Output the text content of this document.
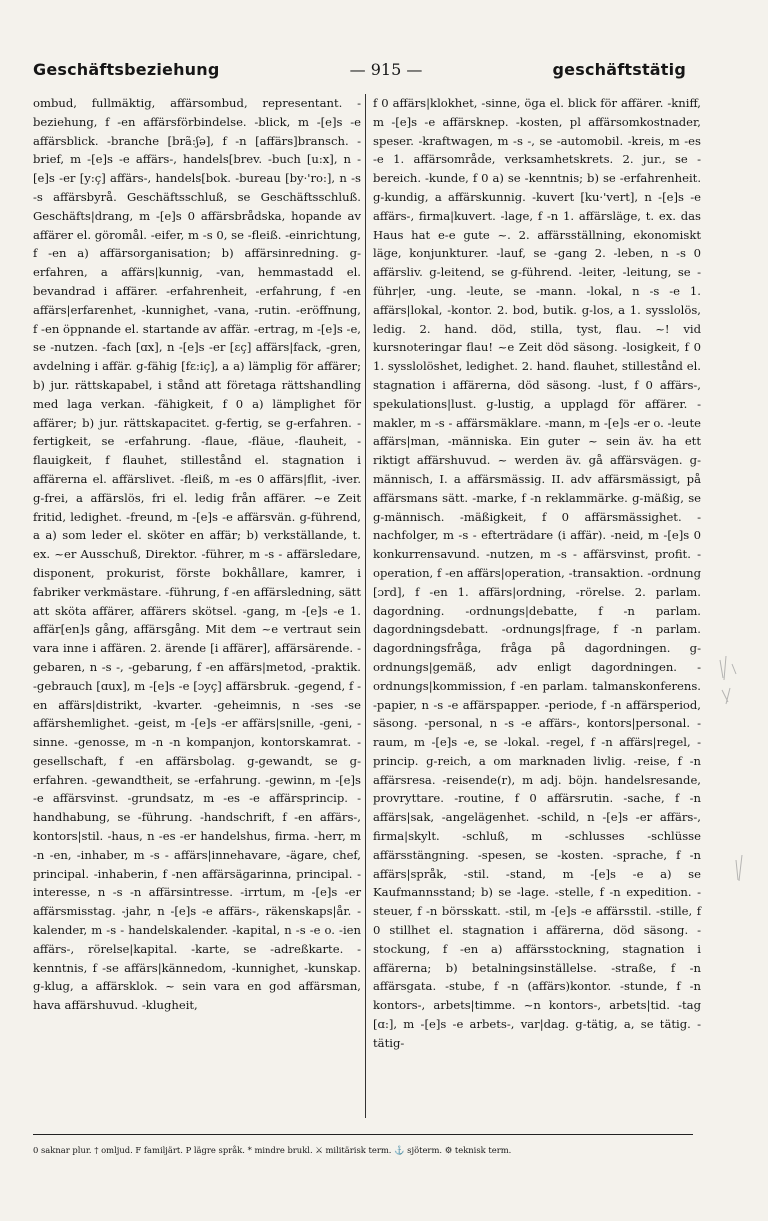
Geschäftsbeziehung	— 915 —	geschäftstätig

ombud, fullmäktig, affärsombud, representant. -beziehung, f -en affärsförbindelse. -blick, m -[e]s -e affärsblick. -branche [brã:ʃə], f -n [affärs]bransch. -brief, m -[e]s -e affärs-, handels[brev. -buch [u:x], n -[e]s -er [y:ç] affärs-, handels[bok. -bureau [by·'ro:], n -s -s affärsbyrå. Geschäftsschluß, se Geschäftsschluß. Geschäfts|drang, m -[e]s 0 affärsbrådska, hopande av affärer el. göromål. -eifer, m -s 0, se -fleiß. -einrichtung, f -en a) affärsorganisation; b) affärsinredning. g-erfahren, a affärs|kunnig, -van, hemmastadd el. bevandrad i affärer. -erfahrenheit, -erfahrung, f -en affärs|erfarenhet, -kunnighet, -vana, -rutin. -eröffnung, f -en öppnande el. startande av affär. -ertrag, m -[e]s -e, se -nutzen. -fach [ɑx], n -[e]s -er [ɛç] affärs|fack, -gren, avdelning i affär. g-fähig [fɛ:iç], a a) lämplig för affärer; b) jur. rättskapabel, i stånd att företaga rättshandling med laga verkan. -fähigkeit, f 0 a) lämplighet för affärer; b) jur. rättskapacitet. g-fertig, se g-erfahren. -fertigkeit, se -erfahrung. -flaue, -fläue, -flauheit, -flauigkeit, f flauhet, stillestånd el. stagnation i affärerna el. affärslivet. -fleiß, m -es 0 affärs|flit, -iver. g-frei, a affärslös, fri el. ledig från affärer. ~e Zeit fritid, ledighet. -freund, m -[e]s -e affärsvän. g-führend, a a) som leder el. sköter en affär; b) verkställande, t. ex. ~er Ausschuß, Direktor. -führer, m -s - affärsledare, disponent, prokurist, förste bokhållare, kamrer, i fabriker verkmästare. -führung, f -en affärsledning, sätt att sköta affärer, affärers skötsel. -gang, m -[e]s -e 1. affär[en]s gång, affärsgång. Mit dem ~e vertraut sein vara inne i affären. 2. ärende [i affärer], affärsärende. -gebaren, n -s -, -gebarung, f -en affärs|metod, -praktik. -gebrauch [ɑux], m -[e]s -e [ɔyç] affärsbruk. -gegend, f -en affärs|distrikt, -kvarter. -geheimnis, n -ses -se affärshemlighet. -geist, m -[e]s -er affärs|snille, -geni, -sinne. -genosse, m -n -n kompanjon, kontorskamrat. -gesellschaft, f -en affärsbolag. g-gewandt, se g-erfahren. -gewandtheit, se -erfahrung. -gewinn, m -[e]s -e affärsvinst. -grundsatz, m -es -e affärsprincip. -handhabung, se -führung. -handschrift, f -en affärs-, kontors|stil. -haus, n -es -er handelshus, firma. -herr, m -n -en, -inhaber, m -s - affärs|innehavare, -ägare, chef, principal. -inhaberin, f -nen affärsägarinna, principal. -interesse, n -s -n affärsintresse. -irrtum, m -[e]s -er affärsmisstag. -jahr, n -[e]s -e affärs-, räkenskaps|år. -kalender, m -s - handelskalender. -kapital, n -s -e o. -ien affärs-, rörelse|kapital. -karte, se -adreßkarte. -kenntnis, f -se affärs|kännedom, -kunnighet, -kunskap. g-klug, a affärsklok. ~ sein vara en god affärsman, hava affärshuvud. -klugheit,

f 0 affärs|klokhet, -sinne, öga el. blick för affärer. -kniff, m -[e]s -e affärsknep. -kosten, pl affärsomkostnader, speser. -kraftwagen, m -s -, se -automobil. -kreis, m -es -e 1. affärsområde, verksamhetskrets. 2. jur., se -bereich. -kunde, f 0 a) se -kenntnis; b) se -erfahrenheit. g-kundig, a affärskunnig. -kuvert [ku·'vert], n -[e]s -e affärs-, firma|kuvert. -lage, f -n 1. affärsläge, t. ex. das Haus hat e-e gute ~. 2. affärsställning, ekonomiskt läge, konjunkturer. -lauf, se -gang 2. -leben, n -s 0 affärsliv. g-leitend, se g-führend. -leiter, -leitung, se -führ|er, -ung. -leute, se -mann. -lokal, n -s -e 1. affärs|lokal, -kontor. 2. bod, butik. g-los, a 1. sysslolös, ledig. 2. hand. död, stilla, tyst, flau. ~! vid kursnoteringar flau! ~e Zeit död säsong. -losigkeit, f 0 1. sysslolöshet, ledighet. 2. hand. flauhet, stillestånd el. stagnation i affärerna, död säsong. -lust, f 0 affärs-, spekulations|lust. g-lustig, a upplagd för affärer. -makler, m -s - affärsmäklare. -mann, m -[e]s -er o. -leute affärs|man, -människa. Ein guter ~ sein äv. ha ett riktigt affärshuvud. ~ werden äv. gå affärsvägen. g-männisch, I. a affärsmässig. II. adv affärsmässigt, på affärsmans sätt. -marke, f -n reklammärke. g-mäßig, se g-männisch. -mäßigkeit, f 0 affärsmässighet. -nachfolger, m -s - efterträdare (i affär). -neid, m -[e]s 0 konkurrensavund. -nutzen, m -s - affärsvinst, profit. -operation, f -en affärs|operation, -transaktion. -ordnung [ɔrd], f -en 1. affärs|ordning, -rörelse. 2. parlam. dagordning. -ordnungs|debatte, f -n parlam. dagordningsdebatt. -ordnungs|frage, f -n parlam. dagordningsfråga, fråga på dagordningen. g-ordnungs|gemäß, adv enligt dagordningen. -ordnungs|kommission, f -en parlam. talmanskonferens. -papier, n -s -e affärspapper. -periode, f -n affärsperiod, säsong. -personal, n -s -e affärs-, kontors|personal. -raum, m -[e]s -e, se -lokal. -regel, f -n affärs|regel, -princip. g-reich, a om marknaden livlig. -reise, f -n affärsresa. -reisende(r), m adj. böjn. handelsresande, provryttare. -routine, f 0 affärsrutin. -sache, f -n affärs|sak, -angelägenhet. -schild, n -[e]s -er affärs-, firma|skylt. -schluß, m -schlusses -schlüsse affärsstängning. -spesen, se -kosten. -sprache, f -n affärs|språk, -stil. -stand, m -[e]s -e a) se Kaufmannsstand; b) se -lage. -stelle, f -n expedition. -steuer, f -n börsskatt. -stil, m -[e]s -e affärsstil. -stille, f 0 stillhet el. stagnation i affärerna, död säsong. -stockung, f -en a) affärsstockning, stagnation i affärerna; b) betalningsinställelse. -straße, f -n affärsgata. -stube, f -n (affärs)kontor. -stunde, f -n kontors-, arbets|timme. ~n kontors-, arbets|tid. -tag [ɑ:], m -[e]s -e arbets-, var|dag. g-tätig, a, se tätig. -tätig-

0 saknar plur. † omljud. F familjärt. P lägre språk. * mindre brukl. ⚔ militärisk term. ⚓ sjöterm. ⚙ teknisk term.
